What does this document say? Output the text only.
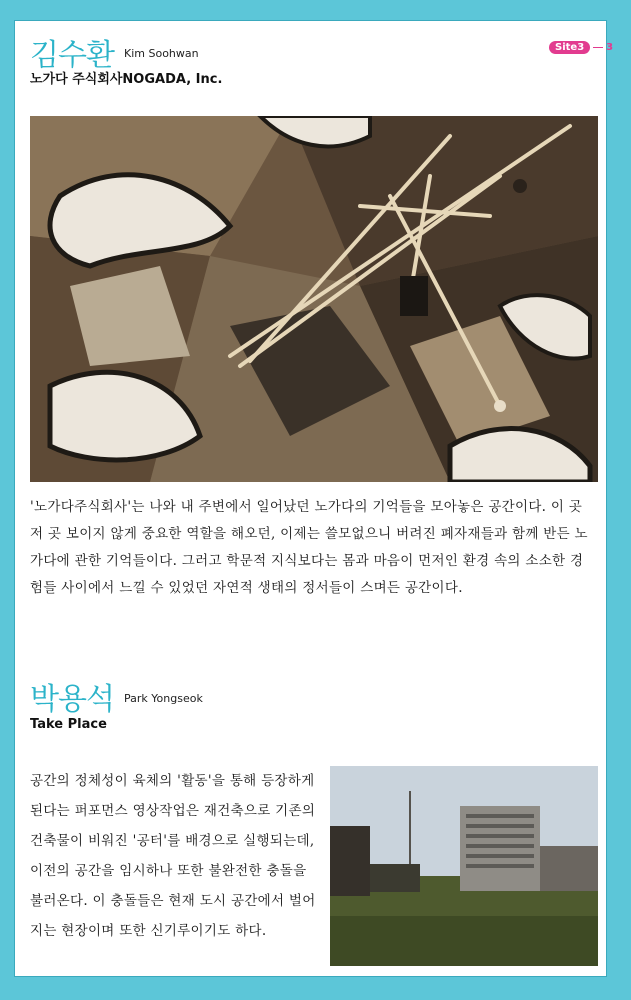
김수환 Kim Soohwan
노가다 주식회사NOGADA, Inc.
Site3	3
'노가다주식회사'는 나와 내 주변에서 일어났던 노가다의 기억들을 모아놓은 공간이다. 이 곳 저 곳 보이지 않게 중요한 역할을 해오던, 이제는 쓸모없으니 버려진 폐자재들과 함께 반든 노가다에 관한 기억들이다. 그러고 학문적 지식보다는 몸과 마음이 먼저인 환경 속의 소소한 경험들 사이에서 느낄 수 있었던 자연적 생태의 정서들이 스며든 공간이다.
박용석 Park Yongseok
Take Place
공간의 정체성이 육체의 '활동'을 통해 등장하게 된다는 퍼포먼스 영상작업은 재건축으로 기존의 건축물이 비워진 '공터'를 배경으로 실행되는데, 이전의 공간을 임시하나 또한 불완전한 충돌을 불러온다. 이 충돌들은 현재 도시 공간에서 벌어지는 현장이며 또한 신기루이기도 하다.
